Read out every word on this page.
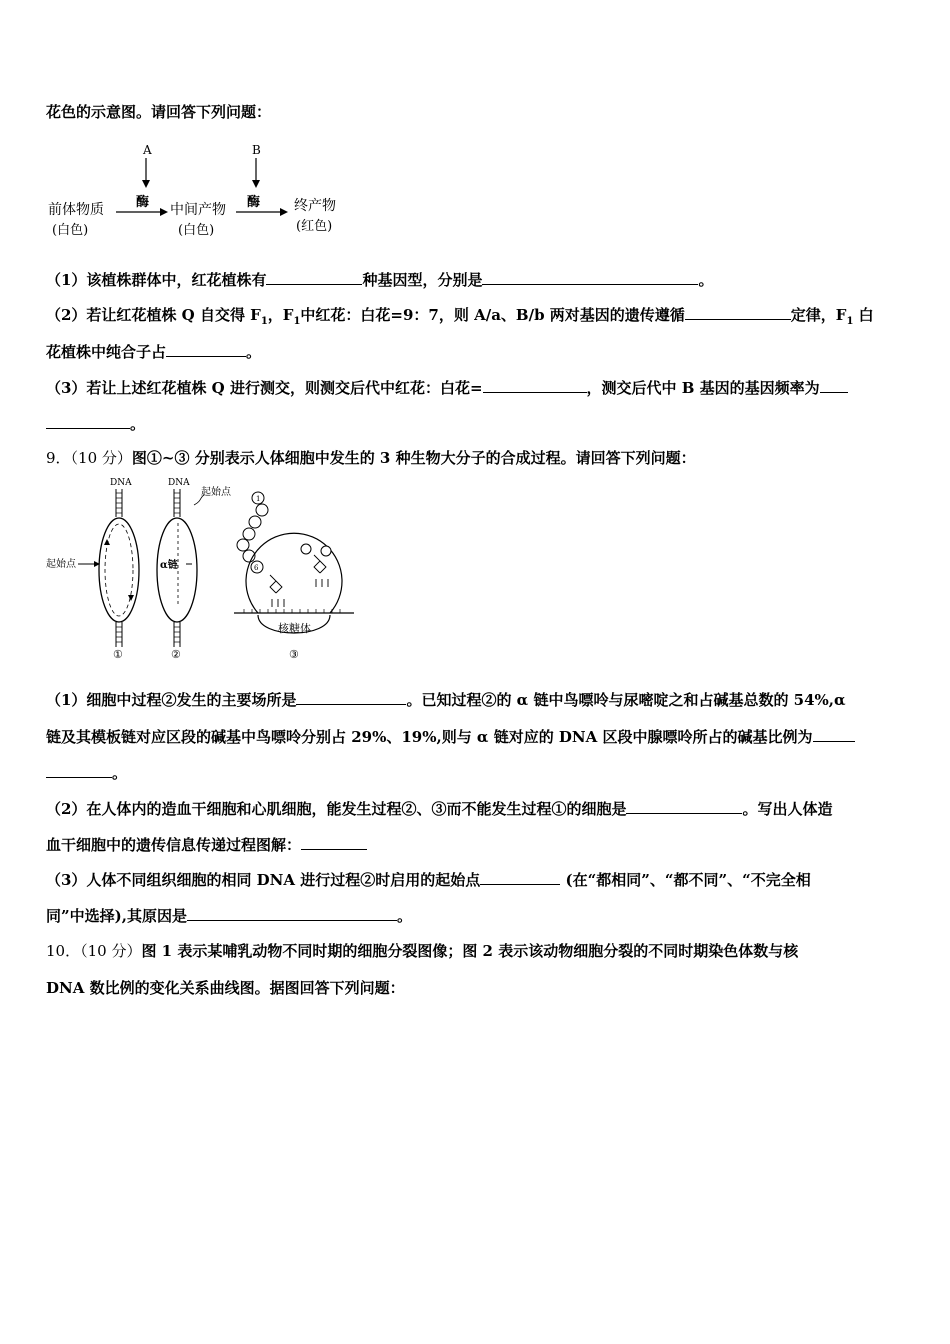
花色的示意图。请回答下列问题：
A	B
前体物质
(白色)
酶 中间产物
(白色)
酶 终产物
(红色)
（1）该植株群体中，红花植株有	种基因型，分别是	。
（2）若让红花植株 Q 自交得 $F_1$，$F_1$中红花：白花=9：7，则 A/a、B/b 两对基因的遗传遵循	定律，$F_1$ 白
花植株中纯合子占	。
（3）若让上述红花植株 Q 进行测交，则测交后代中红花：白花=	，测交后代中 B 基因的基因频率为
。
9．（10 分）图①~③ 分别表示人体细胞中发生的 3 种生物大分子的合成过程。请回答下列问题：
DNA
起始点
①
DNA
起始点
α链
②
1
6
核糖体
③
（1）细胞中过程②发生的主要场所是	。已知过程②的 α 链中鸟嘌呤与尿嘧啶之和占碱基总数的 54%,α
链及其模板链对应区段的碱基中鸟嘌呤分别占 29%、19%,则与 α 链对应的 DNA 区段中腺嘌呤所占的碱基比例为
。
（2）在人体内的造血干细胞和心肌细胞，能发生过程②、③而不能发生过程①的细胞是	。写出人体造
血干细胞中的遗传信息传递过程图解：
（3）人体不同组织细胞的相同 DNA 进行过程②时启用的起始点	(在“都相同”、“都不同”、“不完全相
同”中选择),其原因是	。
10．（10 分）图 1 表示某哺乳动物不同时期的细胞分裂图像；图 2 表示该动物细胞分裂的不同时期染色体数与核
DNA 数比例的变化关系曲线图。据图回答下列问题：
